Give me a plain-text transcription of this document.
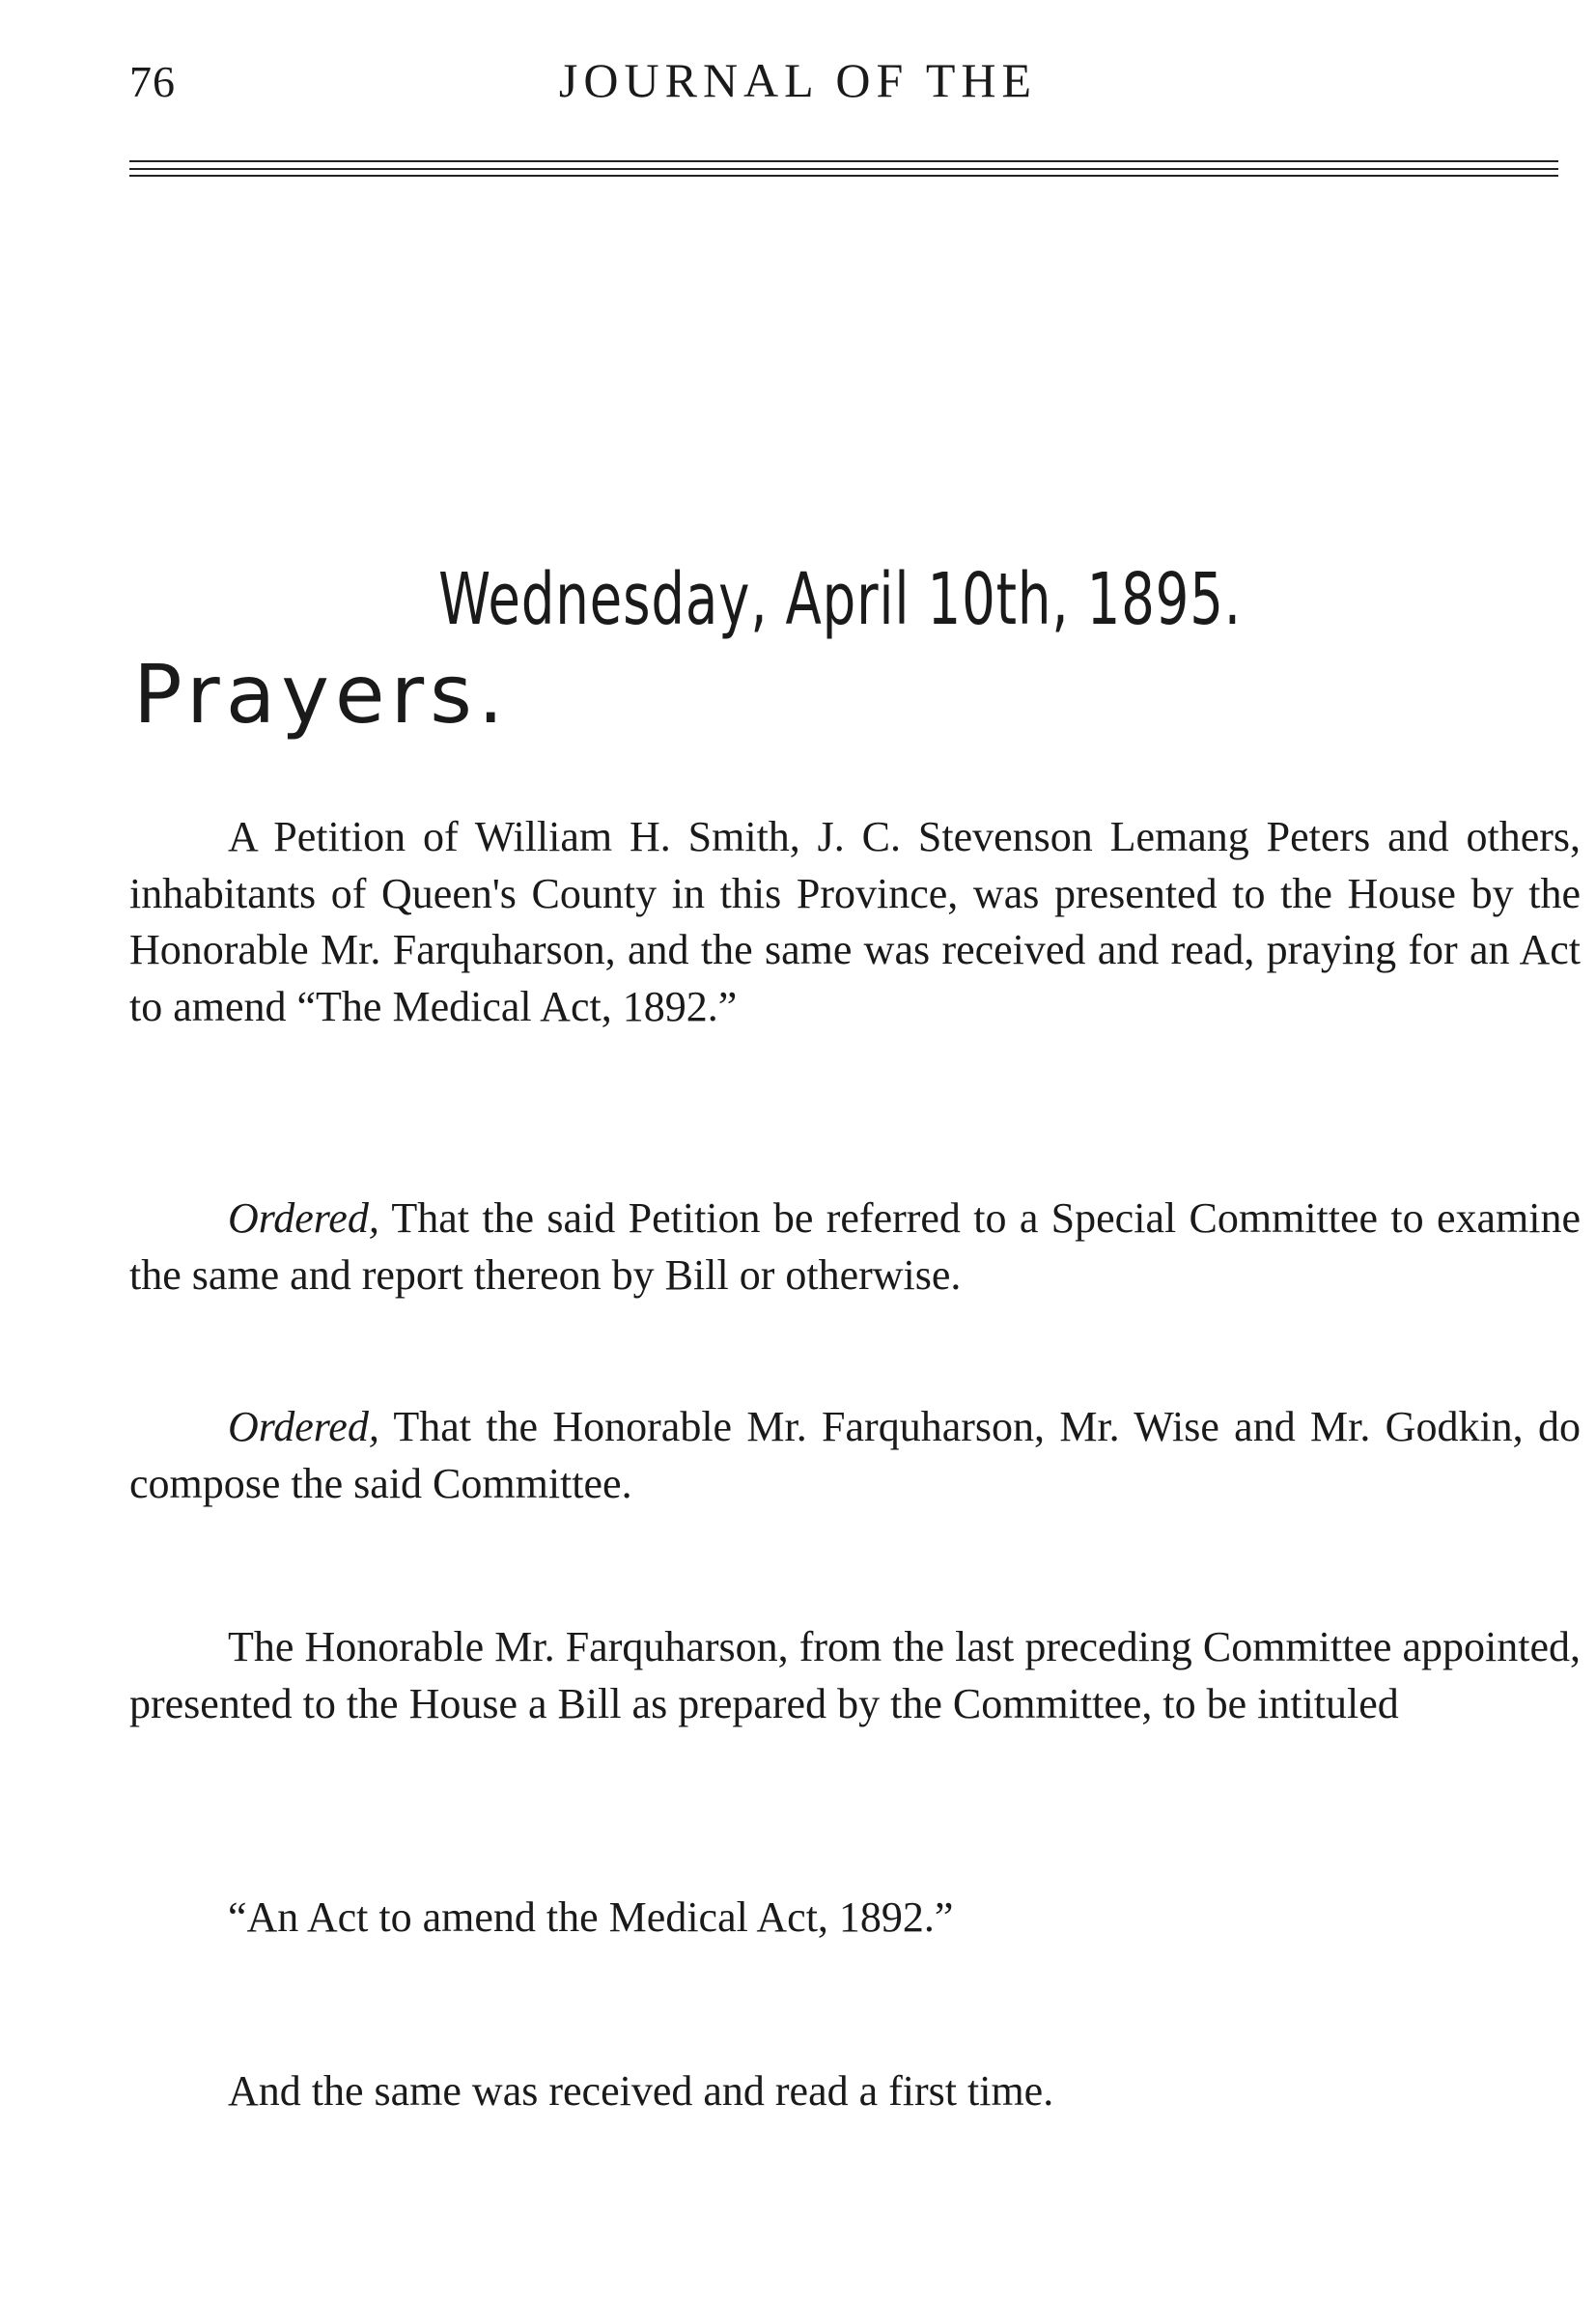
76	JOURNAL OF THE
Wednesday, April 10th, 1895.
Prayers.

A Petition of William H. Smith, J. C. Stevenson Lemang Peters and others, inhabitants of Queen's County in this Province, was presented to the House by the Honorable Mr. Farquharson, and the same was received and read, praying for an Act to amend “The Medical Act, 1892.”

Ordered, That the said Petition be referred to a Special Committee to examine the same and report thereon by Bill or otherwise.

Ordered, That the Honorable Mr. Farquharson, Mr. Wise and Mr. Godkin, do compose the said Committee.

The Honorable Mr. Farquharson, from the last preceding Committee appointed, presented to the House a Bill as prepared by the Committee, to be intituled

“An Act to amend the Medical Act, 1892.”

And the same was received and read a first time.
